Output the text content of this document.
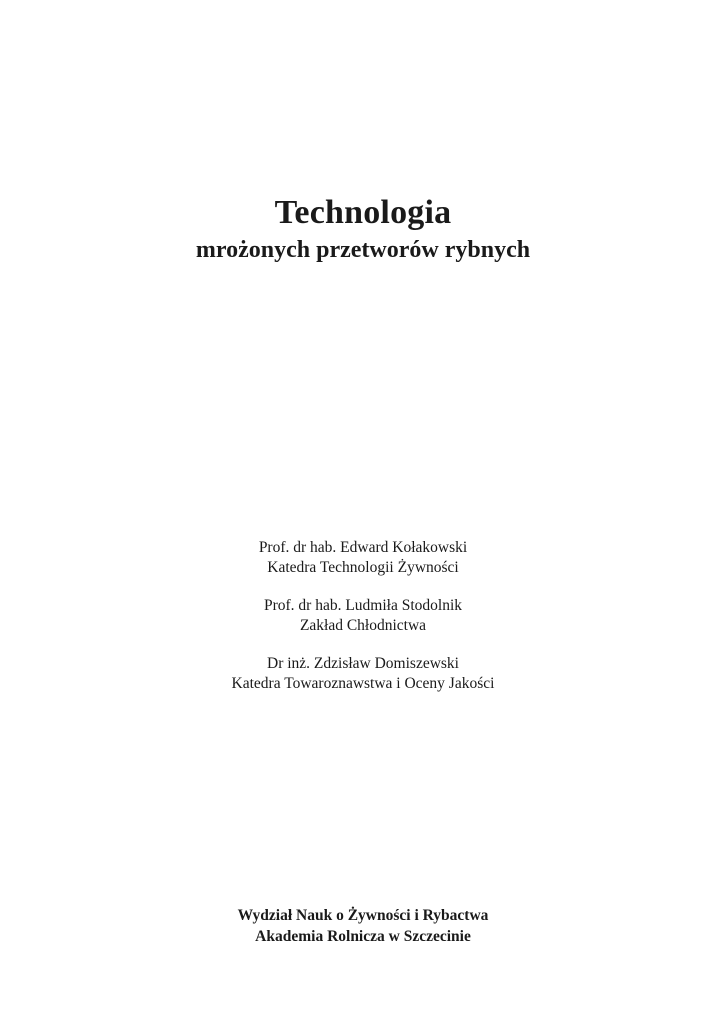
Technologia
mrożonych przetworów rybnych
Prof. dr hab. Edward Kołakowski
Katedra Technologii Żywności
Prof. dr hab. Ludmiła Stodolnik
Zakład Chłodnictwa
Dr inż. Zdzisław Domiszewski
Katedra Towaroznawstwa i Oceny Jakości
Wydział Nauk o Żywności i Rybactwa
Akademia Rolnicza w Szczecinie
